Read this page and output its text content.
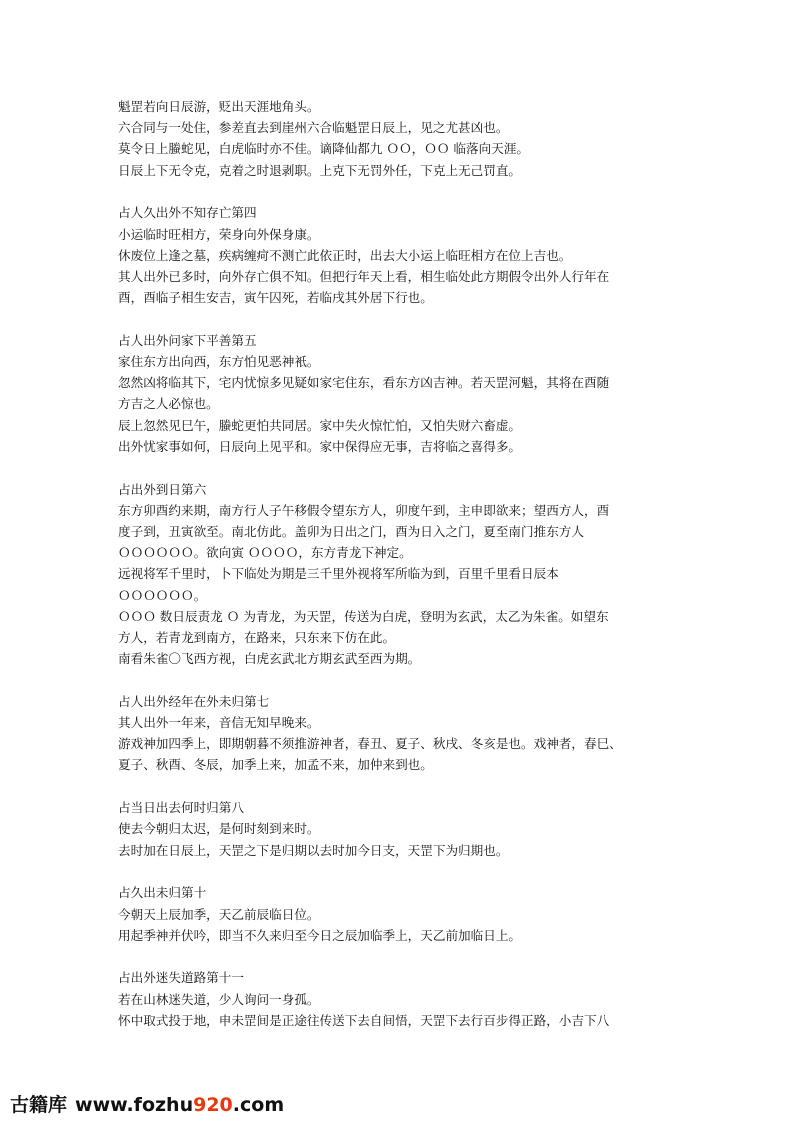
魁罡若向日辰游，贬出天涯地角头。
六合同与一处住，参差直去到崖州六合临魁罡日辰上，见之尤甚凶也。
莫令日上螣蛇见，白虎临时亦不佳。谪降仙都九 ＯＯ，ＯＯ 临落向天涯。
日辰上下无令克，克着之时退剥职。上克下无罚外任，下克上无己罚直。
占人久出外不知存亡第四
小运临时旺相方，荣身向外保身康。
休废位上逢之墓，疾病缠疴不测亡此依正时，出去大小运上临旺相方在位上吉也。
其人出外已多时，向外存亡俱不知。但把行年天上看，相生临处此方期假令出外人行年在
酉，酉临子相生安吉，寅午囚死，若临戌其外居下行也。
占人出外问家下平善第五
家住东方出向西，东方怕见恶神衹。
忽然凶将临其下，宅内忧惊多见疑如家宅住东，看东方凶吉神。若天罡河魁，其将在酉随
方吉之人必惊也。
辰上忽然见巳午，螣蛇更怕共同居。家中失火惊忙怕，又怕失财六畜虚。
出外忧家事如何，日辰向上见平和。家中保得应无事，吉将临之喜得多。
占出外到日第六
东方卯酉约来期，南方行人子午移假令望东方人，卯度午到，主申即欲来；望西方人，酉
度子到，丑寅欲至。南北仿此。盖卯为日出之门，酉为日入之门，夏至南门推东方人
ＯＯＯＯＯＯ。欲向寅 ＯＯＯＯ，东方青龙下神定。
远视将军千里时，卜下临处为期是三千里外视将军所临为到，百里千里看日辰本
ＯＯＯＯＯＯ。
ＯＯＯ 数日辰责龙 Ｏ 为青龙，为天罡，传送为白虎，登明为玄武，太乙为朱雀。如望东
方人，若青龙到南方，在路来，只东来下仿在此。
南看朱雀〇飞西方视，白虎玄武北方期玄武至西为期。
占人出外经年在外未归第七
其人出外一年来，音信无知早晚来。
游戏神加四季上，即期朝暮不须推游神者，春丑、夏子、秋戌、冬亥是也。戏神者，春巳、
夏子、秋酉、冬辰，加季上来，加孟不来，加仲来到也。
占当日出去何时归第八
使去今朝归太迟，是何时刻到来时。
去时加在日辰上，天罡之下是归期以去时加今日支，天罡下为归期也。
占久出未归第十
今朝天上辰加季，天乙前辰临日位。
用起季神并伏吟，即当不久来归至今日之辰加临季上，天乙前加临日上。
占出外迷失道路第十一
若在山林迷失道，少人询问一身孤。
怀中取式投于地，申未罡间是正途往传送下去自间悟，天罡下去行百步得正路，小吉下八
古籍库 www.fozhu920.com
